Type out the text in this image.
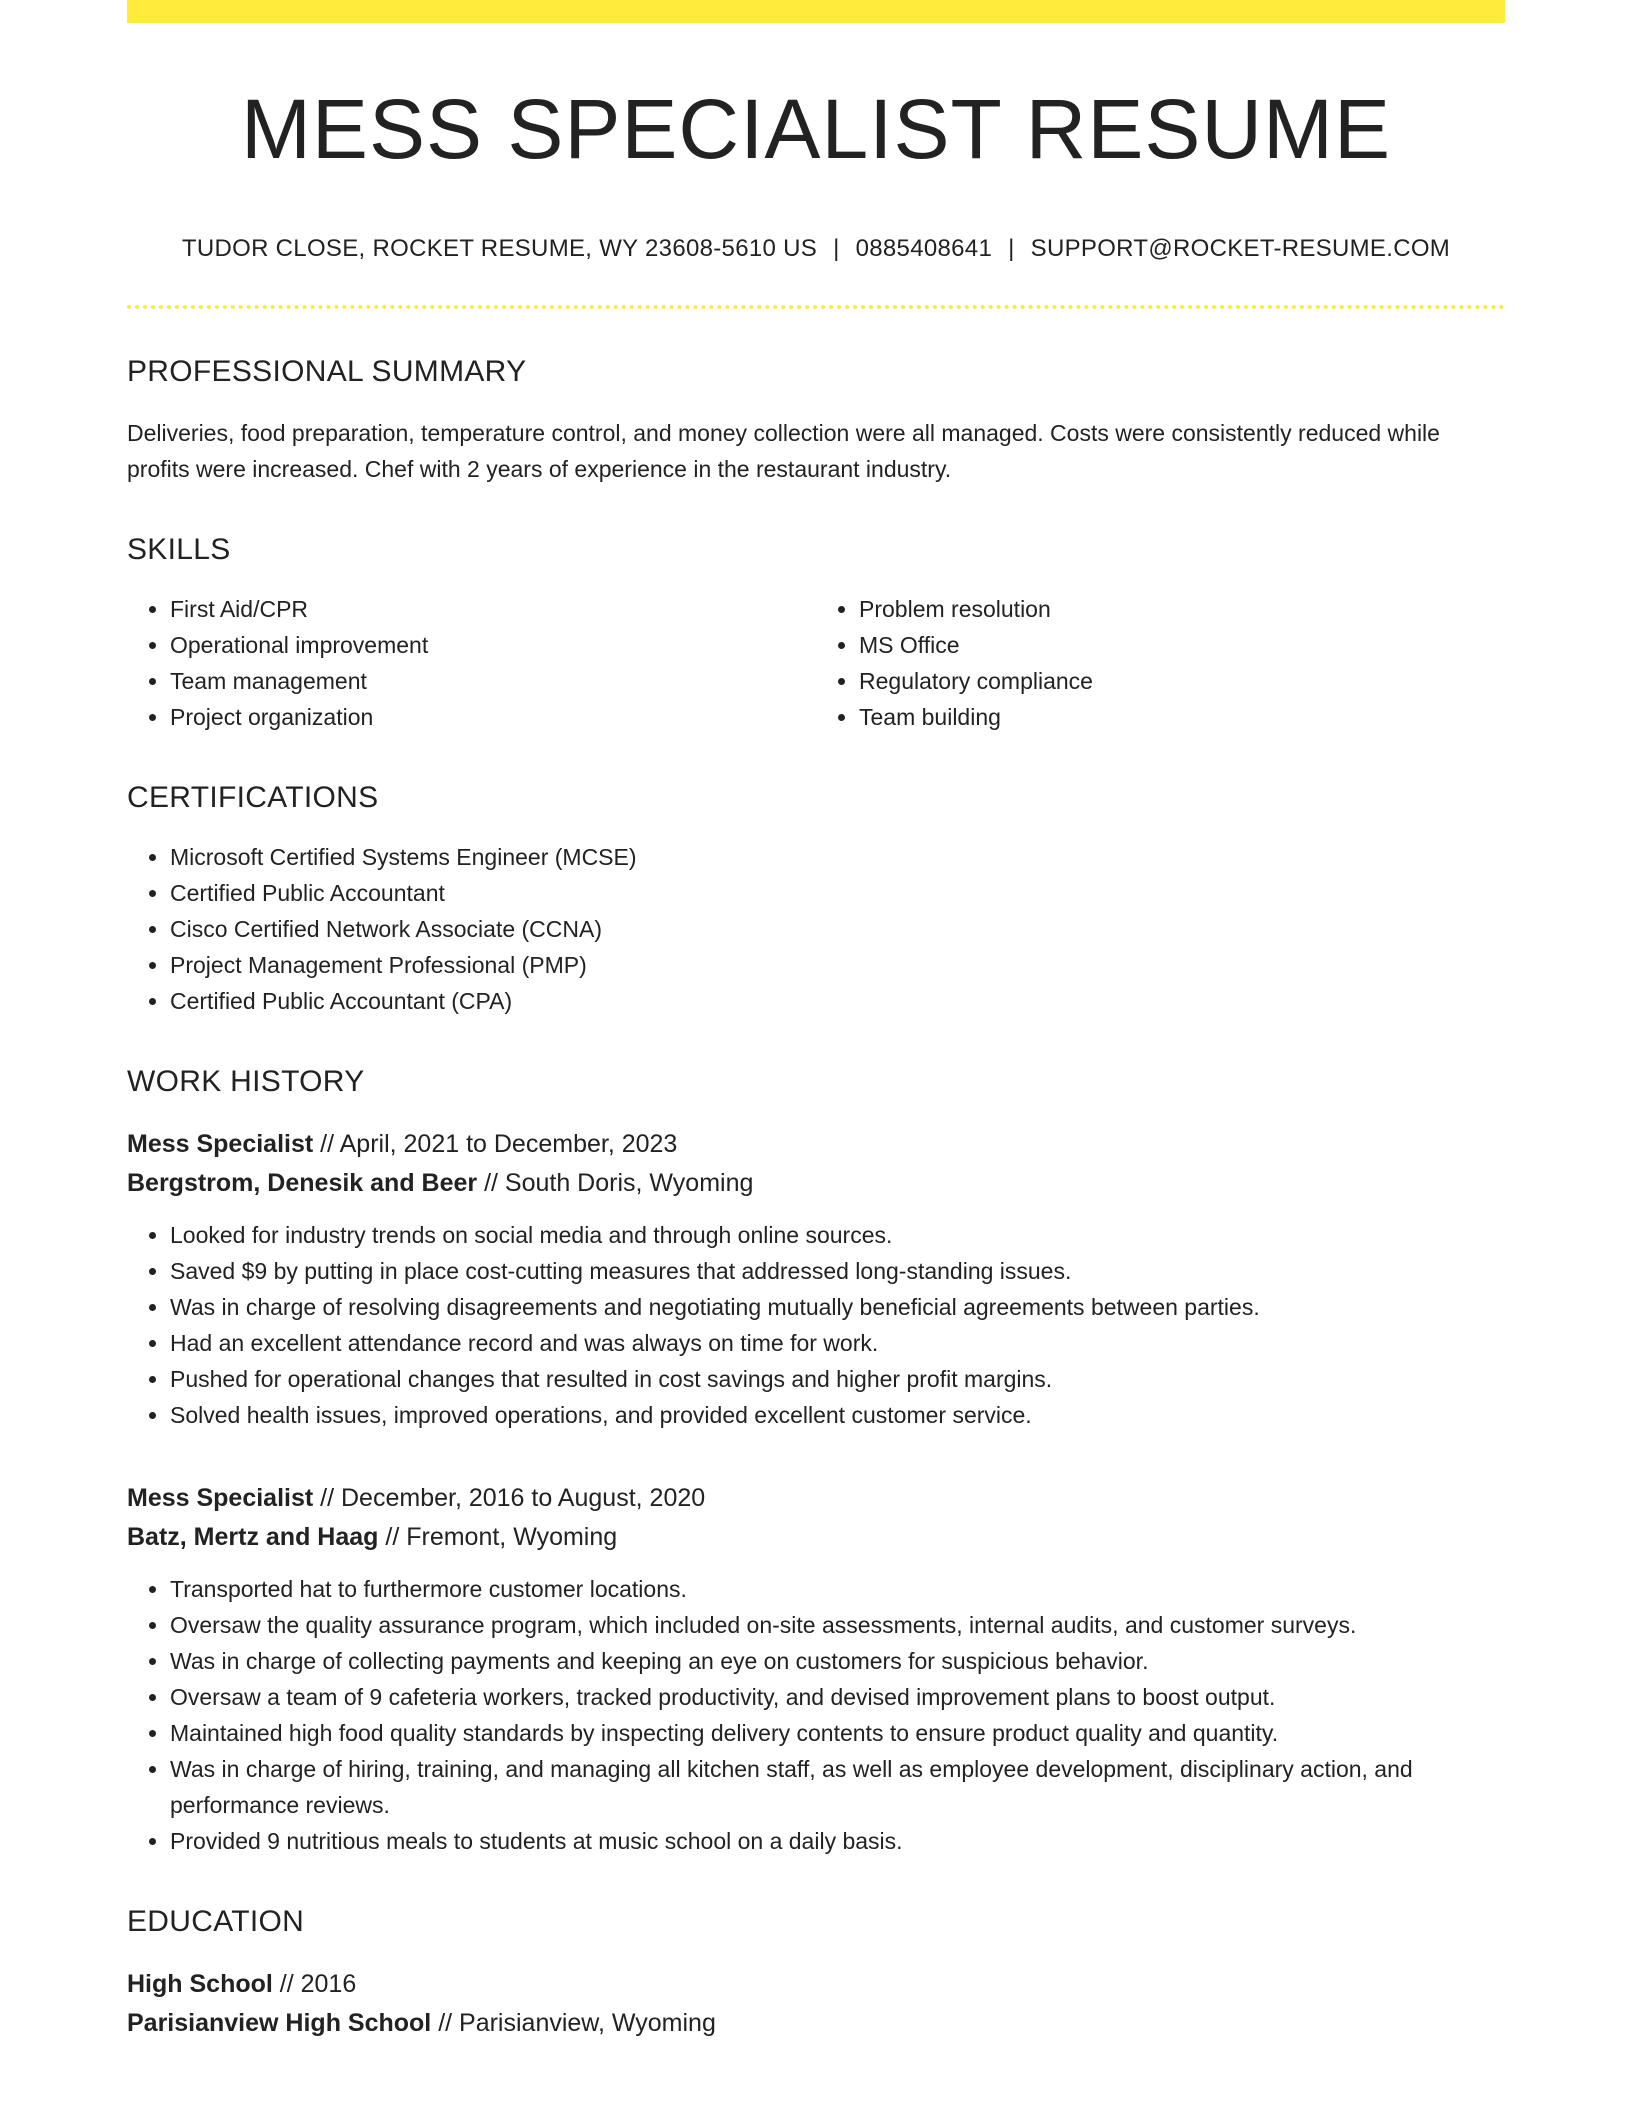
MESS SPECIALIST RESUME
TUDOR CLOSE, ROCKET RESUME, WY 23608-5610 US | 0885408641 | SUPPORT@ROCKET-RESUME.COM
PROFESSIONAL SUMMARY

Deliveries, food preparation, temperature control, and money collection were all managed. Costs were consistently reduced while profits were increased. Chef with 2 years of experience in the restaurant industry.

SKILLS
• First Aid/CPR
• Operational improvement
• Team management
• Project organization
• Problem resolution
• MS Office
• Regulatory compliance
• Team building
CERTIFICATIONS
• Microsoft Certified Systems Engineer (MCSE)
• Certified Public Accountant
• Cisco Certified Network Associate (CCNA)
• Project Management Professional (PMP)
• Certified Public Accountant (CPA)
WORK HISTORY
Mess Specialist // April, 2021 to December, 2023
Bergstrom, Denesik and Beer // South Doris, Wyoming
• Looked for industry trends on social media and through online sources.
• Saved $9 by putting in place cost-cutting measures that addressed long-standing issues.
• Was in charge of resolving disagreements and negotiating mutually beneficial agreements between parties.
• Had an excellent attendance record and was always on time for work.
• Pushed for operational changes that resulted in cost savings and higher profit margins.
• Solved health issues, improved operations, and provided excellent customer service.
Mess Specialist // December, 2016 to August, 2020
Batz, Mertz and Haag // Fremont, Wyoming
• Transported hat to furthermore customer locations.
• Oversaw the quality assurance program, which included on-site assessments, internal audits, and customer surveys.
• Was in charge of collecting payments and keeping an eye on customers for suspicious behavior.
• Oversaw a team of 9 cafeteria workers, tracked productivity, and devised improvement plans to boost output.
• Maintained high food quality standards by inspecting delivery contents to ensure product quality and quantity.
• Was in charge of hiring, training, and managing all kitchen staff, as well as employee development, disciplinary action, and performance reviews.
• Provided 9 nutritious meals to students at music school on a daily basis.
EDUCATION
High School // 2016
Parisianview High School // Parisianview, Wyoming
